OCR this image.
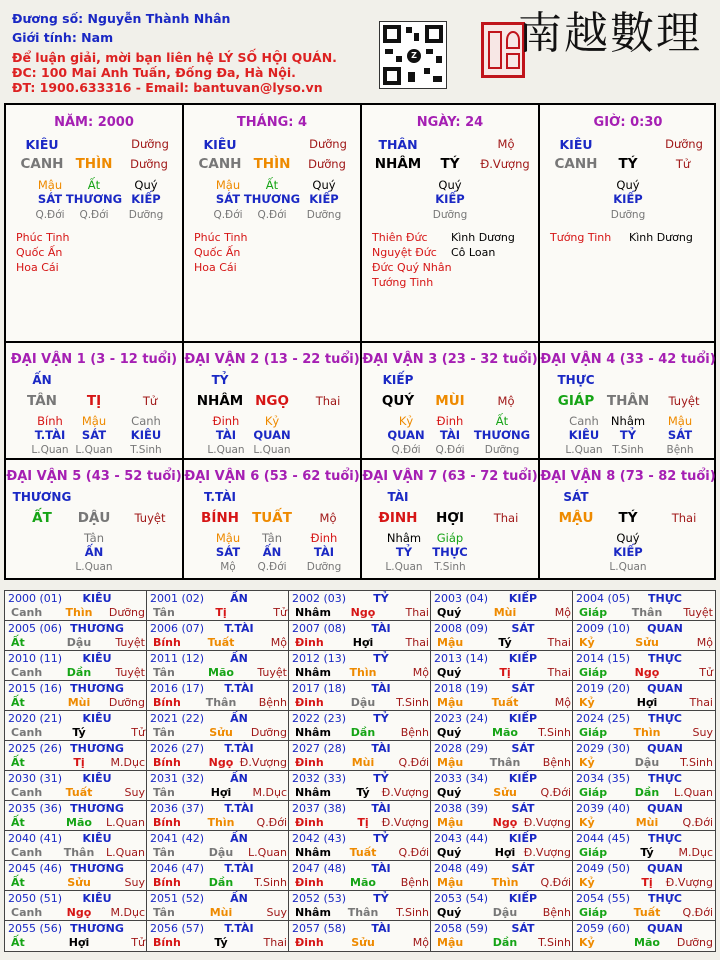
Đương số: Nguyễn Thành Nhân
Giới tính: Nam
Để luận giải, mời bạn liên hệ LÝ SỐ HỘI QUÁN.
ĐC: 100 Mai Anh Tuấn, Đống Đa, Hà Nội.
ĐT: 1900.633316 - Email: bantuvan@lyso.vn
Z 南越數理
NĂM: 2000
KIÊU	Dưỡng
CANH THÌN	Dưỡng
Mậu
SÁT
Q.Đới
Ất
THƯƠNG
Q.Đới
Quý
KIẾP
Dưỡng
Phúc Tinh
Quốc Ấn
Hoa Cái
THÁNG: 4
KIÊU	Dưỡng
CANH THÌN	Dưỡng
Mậu
SÁT
Q.Đới
Ất
THƯƠNG
Q.Đới
Quý
KIẾP
Dưỡng
Phúc Tinh
Quốc Ấn
Hoa Cái
NGÀY: 24
THÂN	Mộ
NHÂM	TÝ	Đ.Vượng
Quý
KIẾP
Dưỡng
Thiên Đức
Nguyệt Đức
Đức Quý Nhân
Tướng Tinh
Kình Dương
Cô Loan
GIỜ: 0:30
KIÊU	Dưỡng
CANH	TÝ	Tử
Quý
KIẾP
Dưỡng
Tướng Tinh Kình Dương
ĐẠI VẬN 1 (3 - 12 tuổi)
ẤN
TÂN	TỊ	Tử
Bính
T.TÀI
L.Quan
Mậu
SÁT
L.Quan
Canh
KIÊU
T.Sinh
ĐẠI VẬN 2 (13 - 22 tuổi)
TỶ
NHÂM NGỌ	Thai
Đinh
TÀI
L.Quan
Kỷ
QUAN
L.Quan
ĐẠI VẬN 3 (23 - 32 tuổi)
KIẾP
QUÝ	MÙI	Mộ
Kỷ
QUAN
Q.Đới
Đinh
TÀI
Q.Đới
Ất
THƯƠNG
Dưỡng
ĐẠI VẬN 4 (33 - 42 tuổi)
THỰC
GIÁP THÂN	Tuyệt
Canh
KIÊU
L.Quan
Nhâm
TỶ
T.Sinh
Mậu
SÁT
Bệnh
ĐẠI VẬN 5 (43 - 52 tuổi)
THƯƠNG
ẤT	DẬU	Tuyệt
Tân
ẤN
L.Quan
ĐẠI VẬN 6 (53 - 62 tuổi)
T.TÀI
BÍNH TUẤT	Mộ
Mậu
SÁT
Mộ
Tân
ẤN
Q.Đới
Đinh
TÀI
Dưỡng
ĐẠI VẬN 7 (63 - 72 tuổi)
TÀI
ĐINH	HỢI	Thai
Nhâm
TỶ
L.Quan
Giáp
THỰC
T.Sinh
ĐẠI VẬN 8 (73 - 82 tuổi)
SÁT
MẬU	TÝ	Thai
Quý
KIẾP
L.Quan
2000 (01)	KIÊU
Canh	Thìn	Dưỡng
2001 (02)	ẤN
Tân	Tị	Tử
2002 (03)	TỶ
Nhâm	Ngọ	Thai
2003 (04)	KIẾP
Quý	Mùi	Mộ
2004 (05)	THỰC
Giáp	Thân	Tuyệt
2005 (06) THƯƠNG
Ất	Dậu	Tuyệt
2006 (07)	T.TÀI
Bính	Tuất	Mộ
2007 (08)	TÀI
Đinh	Hợi	Thai
2008 (09)	SÁT
Mậu	Tý	Thai
2009 (10)	QUAN
Kỷ	Sửu	Mộ
2010 (11)	KIÊU
Canh	Dần	Tuyệt
2011 (12)	ẤN
Tân	Mão	Tuyệt
2012 (13)	TỶ
Nhâm	Thìn	Mộ
2013 (14)	KIẾP
Quý	Tị	Thai
2014 (15)	THỰC
Giáp	Ngọ	Tử
2015 (16) THƯƠNG
Ất	Mùi	Dưỡng
2016 (17)	T.TÀI
Bính	Thân	Bệnh
2017 (18)	TÀI
Đinh	Dậu	T.Sinh
2018 (19)	SÁT
Mậu	Tuất	Mộ
2019 (20)	QUAN
Kỷ	Hợi	Thai
2020 (21)	KIÊU
Canh	Tý	Tử
2021 (22)	ẤN
Tân	Sửu	Dưỡng
2022 (23)	TỶ
Nhâm	Dần	Bệnh
2023 (24)	KIẾP
Quý	Mão	T.Sinh
2024 (25)	THỰC
Giáp	Thìn	Suy
2025 (26) THƯƠNG
Ất	Tị	M.Dục
2026 (27)	T.TÀI
Bính	Ngọ Đ.Vượng
2027 (28)	TÀI
Đinh	Mùi	Q.Đới
2028 (29)	SÁT
Mậu	Thân	Bệnh
2029 (30)	QUAN
Kỷ	Dậu	T.Sinh
2030 (31)	KIÊU
Canh	Tuất	Suy
2031 (32)	ẤN
Tân	Hợi	M.Dục
2032 (33)	TỶ
Nhâm	Tý	Đ.Vượng
2033 (34)	KIẾP
Quý	Sửu	Q.Đới
2034 (35)	THỰC
Giáp	Dần	L.Quan
2035 (36) THƯƠNG
Ất	Mão	L.Quan
2036 (37)	T.TÀI
Bính	Thìn	Q.Đới
2037 (38)	TÀI
Đinh	Tị	Đ.Vượng
2038 (39)	SÁT
Mậu	Ngọ Đ.Vượng
2039 (40)	QUAN
Kỷ	Mùi	Q.Đới
2040 (41)	KIÊU
Canh	Thân	L.Quan
2041 (42)	ẤN
Tân	Dậu	L.Quan
2042 (43)	TỶ
Nhâm	Tuất	Q.Đới
2043 (44)	KIẾP
Quý	Hợi Đ.Vượng
2044 (45)	THỰC
Giáp	Tý	M.Dục
2045 (46) THƯƠNG
Ất	Sửu	Suy
2046 (47)	T.TÀI
Bính	Dần	T.Sinh
2047 (48)	TÀI
Đinh	Mão	Bệnh
2048 (49)	SÁT
Mậu	Thìn	Q.Đới
2049 (50)	QUAN
Kỷ	Tị	Đ.Vượng
2050 (51)	KIÊU
Canh	Ngọ	M.Dục
2051 (52)	ẤN
Tân	Mùi	Suy
2052 (53)	TỶ
Nhâm	Thân	T.Sinh
2053 (54)	KIẾP
Quý	Dậu	Bệnh
2054 (55)	THỰC
Giáp	Tuất	Q.Đới
2055 (56) THƯƠNG
Ất	Hợi	Tử
2056 (57)	T.TÀI
Bính	Tý	Thai
2057 (58)	TÀI
Đinh	Sửu	Mộ
2058 (59)	SÁT
Mậu	Dần	T.Sinh
2059 (60)	QUAN
Kỷ	Mão	Dưỡng
